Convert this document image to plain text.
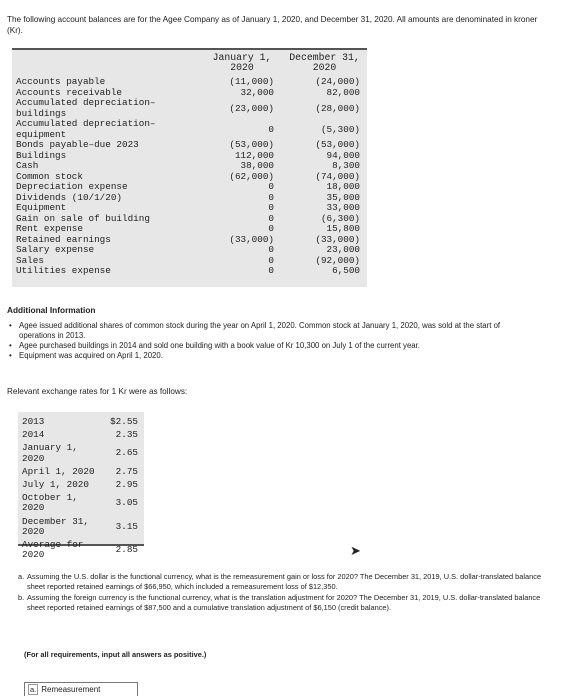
The following account balances are for the Agee Company as of January 1, 2020, and December 31, 2020. All amounts are denominated in kroner (Kr).
January 1,
2020
December 31,
2020
Accounts payable
Accounts receivable
Accumulated depreciation–
buildings
Accumulated depreciation–
equipment
Bonds payable–due 2023
Buildings
Cash
Common stock
Depreciation expense
Dividends (10/1/20)
Equipment
Gain on sale of building
Rent expense
Retained earnings
Salary expense
Sales
Utilities expense
(11,000)
32,000
(23,000)
0
(53,000)
112,000
38,000
(62,000)
0
0
0
0
0
(33,000)
0
0
0
(24,000)
82,000
(28,000)
(5,300)
(53,000)
94,000
8,300
(74,000)
18,000
35,000
33,000
(6,300)
15,800
(33,000)
23,000
(92,000)
6,500
Additional Information
• Agee issued additional shares of common stock during the year on April 1, 2020. Common stock at January 1, 2020, was sold at the start of operations in 2013.
• Agee purchased buildings in 2014 and sold one building with a book value of Kr 10,300 on July 1 of the current year.
• Equipment was acquired on April 1, 2020.
Relevant exchange rates for 1 Kr were as follows:
2013
2014
January 1,
2020
April 1, 2020
July 1, 2020
October 1,
2020
December 31,
2020
Average for
2020
$2.55
2.35
2.65
2.75
2.95
3.05
3.15
2.85	➤
a. Assuming the U.S. dollar is the functional currency, what is the remeasurement gain or loss for 2020? The December 31, 2019, U.S. dollar-translated balance sheet reported retained earnings of $66,950, which included a remeasurement loss of $12,350.
b. Assuming the foreign currency is the functional currency, what is the translation adjustment for 2020? The December 31, 2019, U.S. dollar-translated balance sheet reported retained earnings of $87,500 and a cumulative translation adjustment of $6,150 (credit balance).
(For all requirements, input all answers as positive.)
a. Remeasurement
